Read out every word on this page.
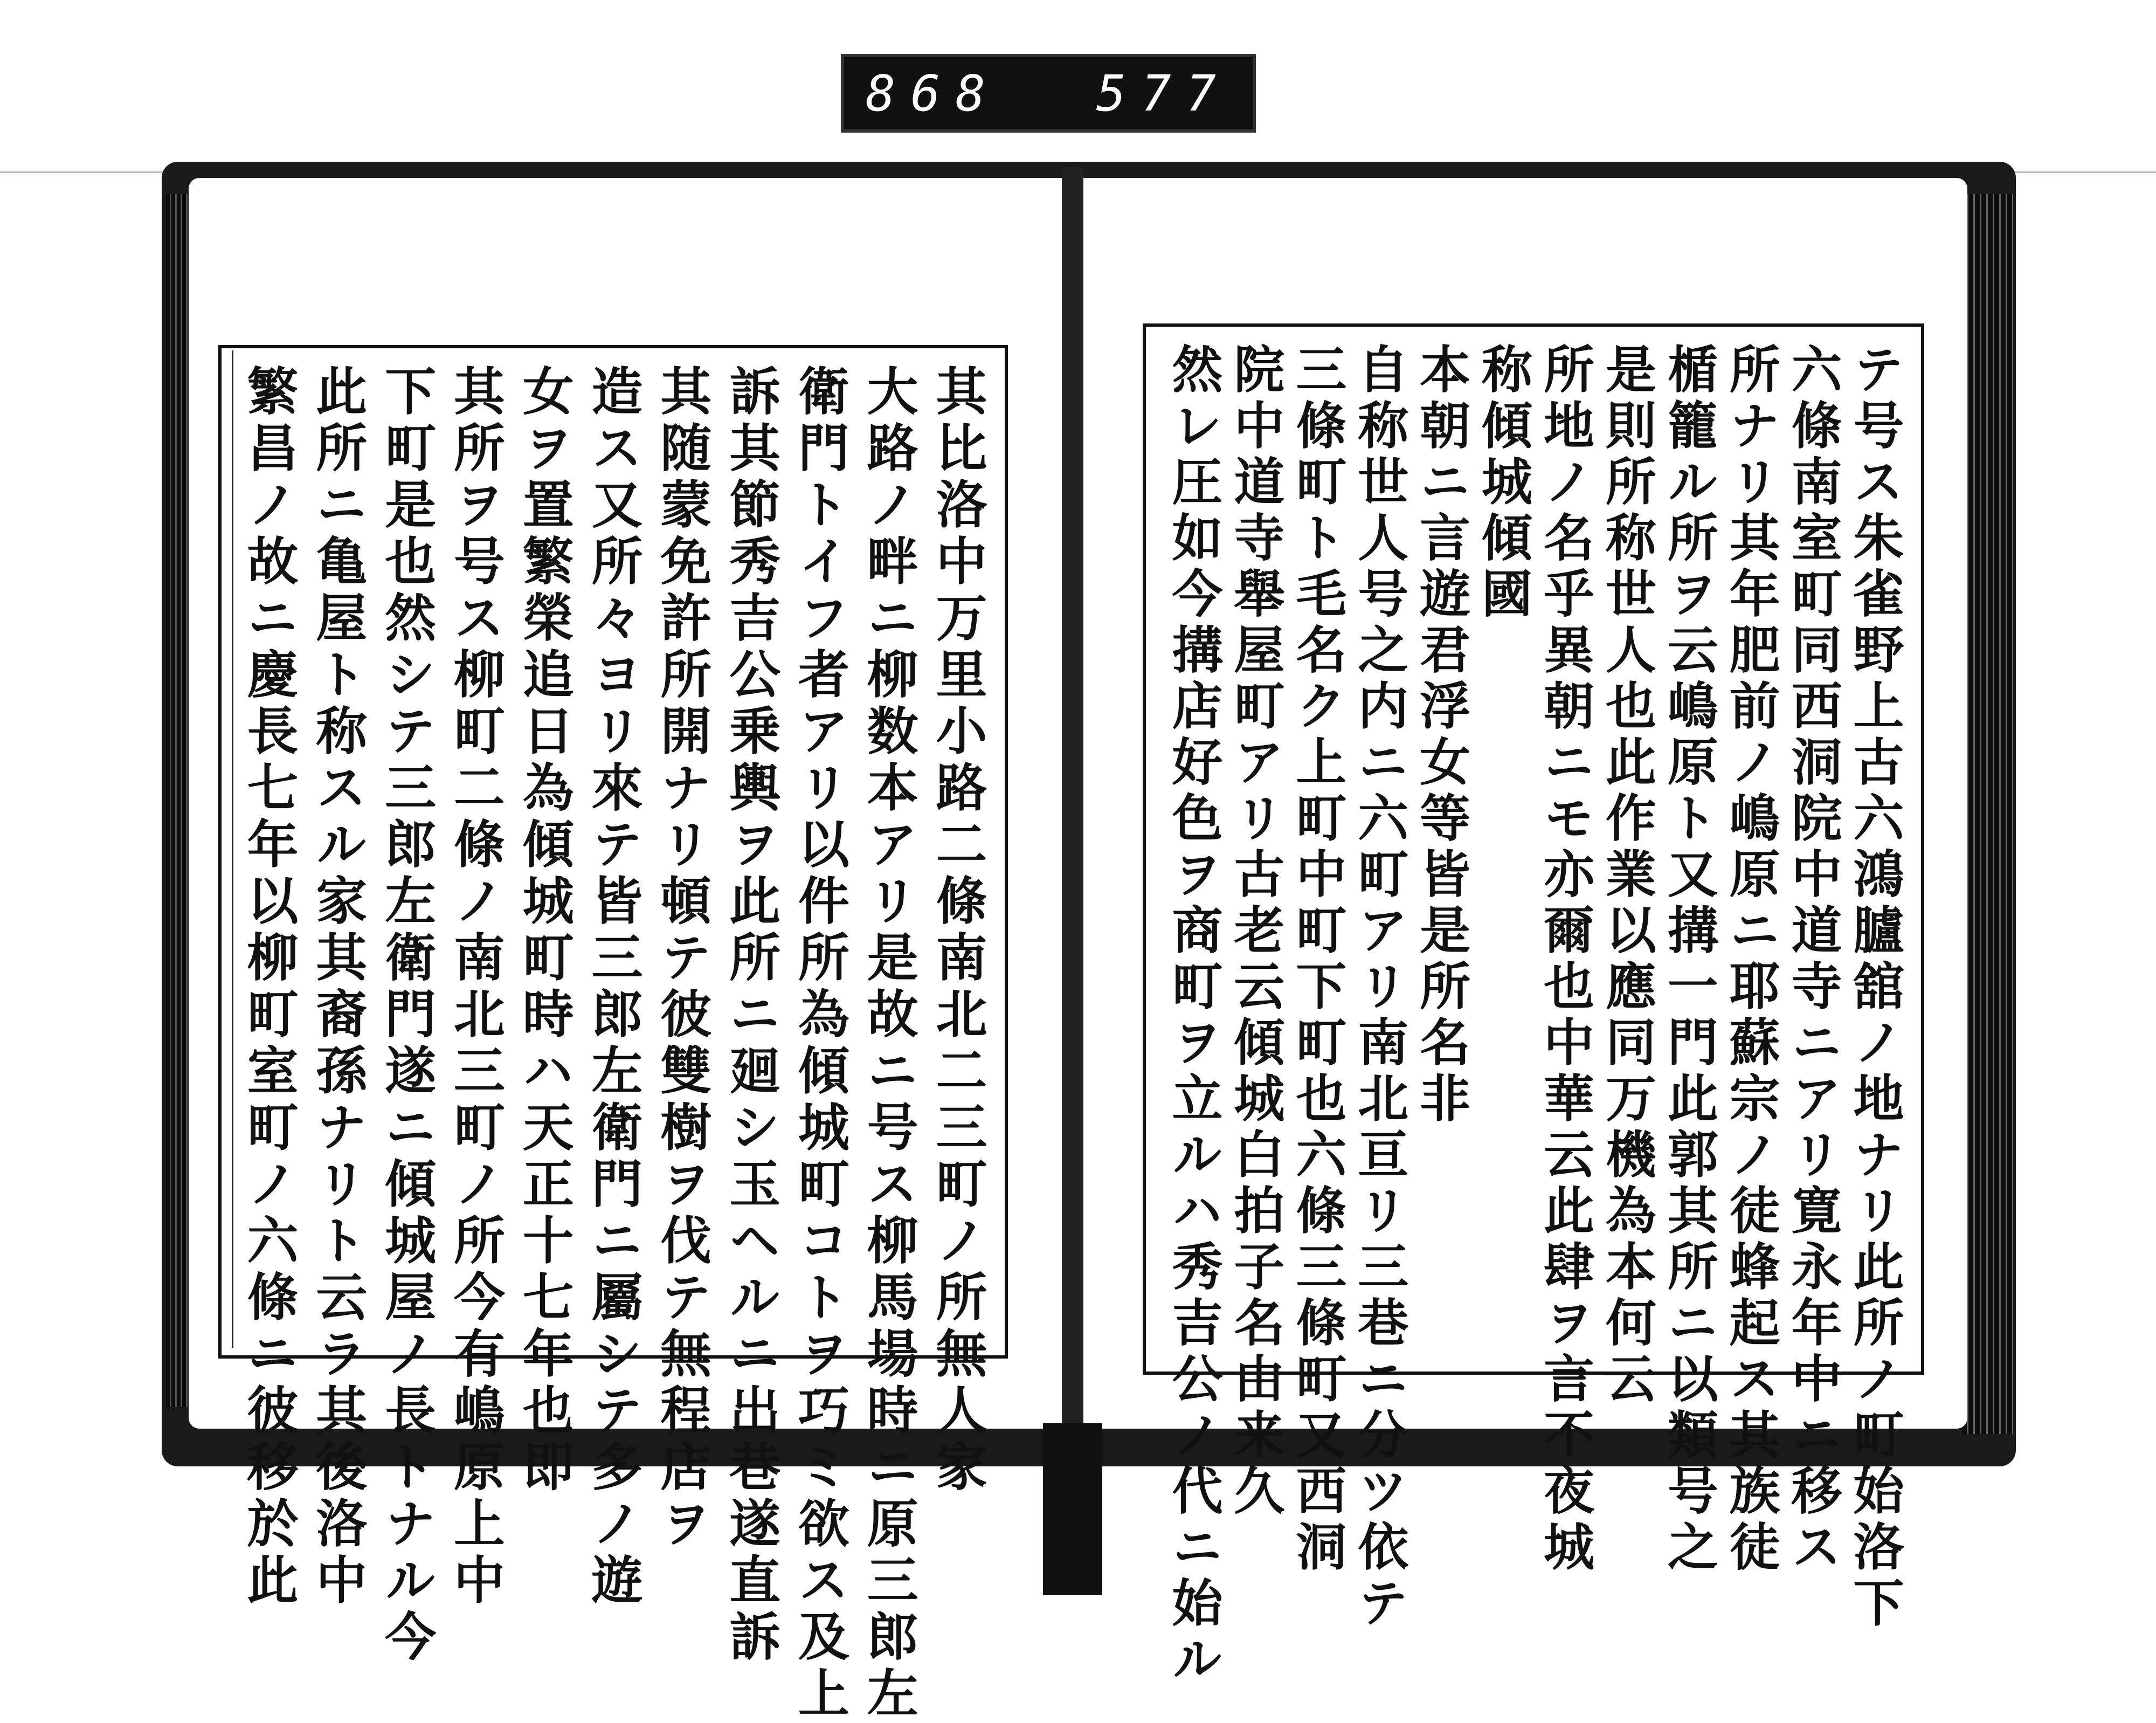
868 577
テ号ス朱雀野上古六鴻臚舘ノ地ナリ此所ノ町始洛下
六條南室町同西洞院中道寺ニアリ寛永年中ニ移ス
所ナリ其年肥前ノ嶋原ニ耶蘇宗ノ徒蜂起ス其族徒
楯籠ル所ヲ云嶋原ト又搆一門此郭其所ニ以類号之
是則所称世人也此作業以應同万機為本何云
所地ノ名乎異朝ニモ亦爾也中華云此肆ヲ言不夜城
称傾城傾國
本朝ニ言遊君浮女等皆是所名非
自称世人号之内ニ六町アリ南北亘リ三巷ニ分ツ依テ
三條町ト毛名ク上町中町下町也六條三條町又西洞
院中道寺舉屋町アリ古老云傾城白拍子名由来久
然レ圧如今搆店好色ヲ商町ヲ立ルハ秀吉公ノ代ニ始ル
其比洛中万里小路二條南北二三町ノ所無人家
大路ノ畔ニ柳数本アリ是故ニ号ス柳馬場時ニ原三郎左
衛門トイフ者アリ以件所為傾城町コトヲ巧ミ欲ス及上
訴其節秀吉公乗輿ヲ此所ニ廻シ玉ヘルニ出巷遂直訴
其随蒙免許所開ナリ頓テ彼雙樹ヲ伐テ無程店ヲ
造ス又所々ヨリ來テ皆三郎左衛門ニ屬シテ多ノ遊
女ヲ置繁榮追日為傾城町時ハ天正十七年也即
其所ヲ号ス柳町二條ノ南北三町ノ所今有嶋原上中
下町是也然シテ三郎左衛門遂ニ傾城屋ノ長トナル今
此所ニ亀屋ト称スル家其裔孫ナリト云ラ其後洛中
繁昌ノ故ニ慶長七年以柳町室町ノ六條ニ彼移於此
